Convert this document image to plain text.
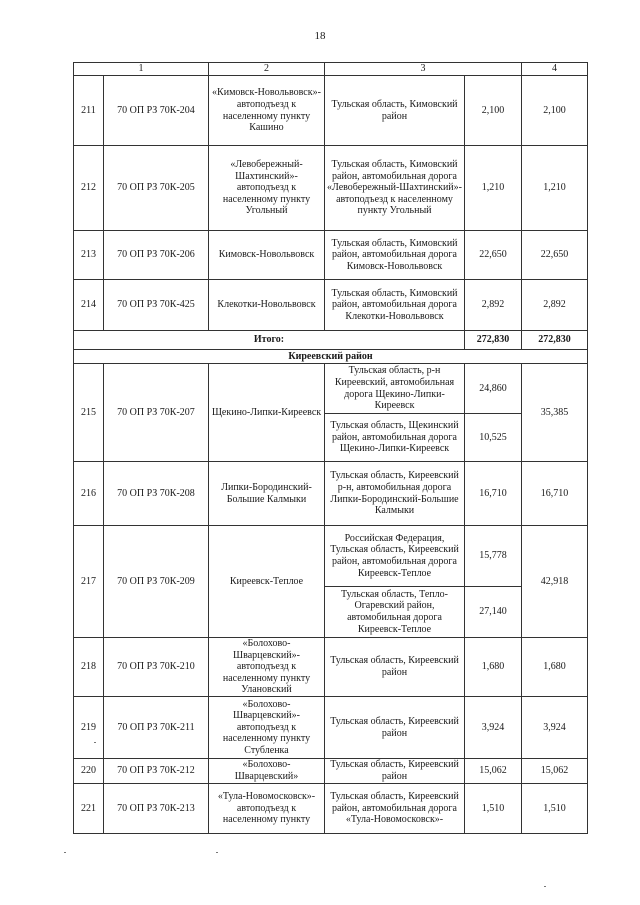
18
1		2	3		4
211	70 ОП РЗ 70К-204	«Кимовск-Новольвовск»-автоподъезд к населенному пункту Кашино	Тульская область, Кимовский район	2,100	2,100
212	70 ОП РЗ 70К-205	«Левобережный-Шахтинский»-автоподъезд к населенному пункту Угольный	Тульская область, Кимовский район, автомобильная дорога «Левобережный-Шахтинский»- автоподъезд к населенному пункту Угольный	1,210	1,210
213	70 ОП РЗ 70К-206	Кимовск-Новольвовск	Тульская область, Кимовский район, автомобильная дорога Кимовск-Новольвовск	22,650	22,650
214	70 ОП РЗ 70К-425	Клекотки-Новольвовск	Тульская область, Кимовский район, автомобильная дорога Клекотки-Новольвовск	2,892	2,892
Итого:				272,830	272,830
Киреевский район					
215	70 ОП РЗ 70К-207	Щекино-Липки-Киреевск	Тульская область, р-н Киреевский, автомобильная дорога Щекино-Липки-Киреевск	24,860	35,385
			Тульская область, Щекинский район, автомобильная дорога Щекино-Липки-Киреевск	10,525	
216	70 ОП РЗ 70К-208	Липки-Бородинский-Большие Калмыки	Тульская область, Киреевский р-н, автомобильная дорога Липки-Бородинский-Большие Калмыки	16,710	16,710
217	70 ОП РЗ 70К-209	Киреевск-Теплое	Российская Федерация, Тульская область, Киреевский район, автомобильная дорога Киреевск-Теплое	15,778	42,918
			Тульская область, Тепло-Огаревский район, автомобильная дорога Киреевск-Теплое	27,140	
218	70 ОП РЗ 70К-210	«Болохово-Шварцевский»-автоподъезд к населенному пункту Улановский	Тульская область, Киреевский район	1,680	1,680
219	70 ОП РЗ 70К-211	«Болохово-Шварцевский»-автоподъезд к населенному пункту Стубленка	Тульская область, Киреевский район	3,924	3,924
220	70 ОП РЗ 70К-212	«Болохово-Шварцевский»	Тульская область, Киреевский район	15,062	15,062
221	70 ОП РЗ 70К-213	«Тула-Новомосковск»-автоподъезд к населенному пункту	Тульская область, Киреевский район, автомобильная дорога «Тула-Новомосковск»-	1,510	1,510
